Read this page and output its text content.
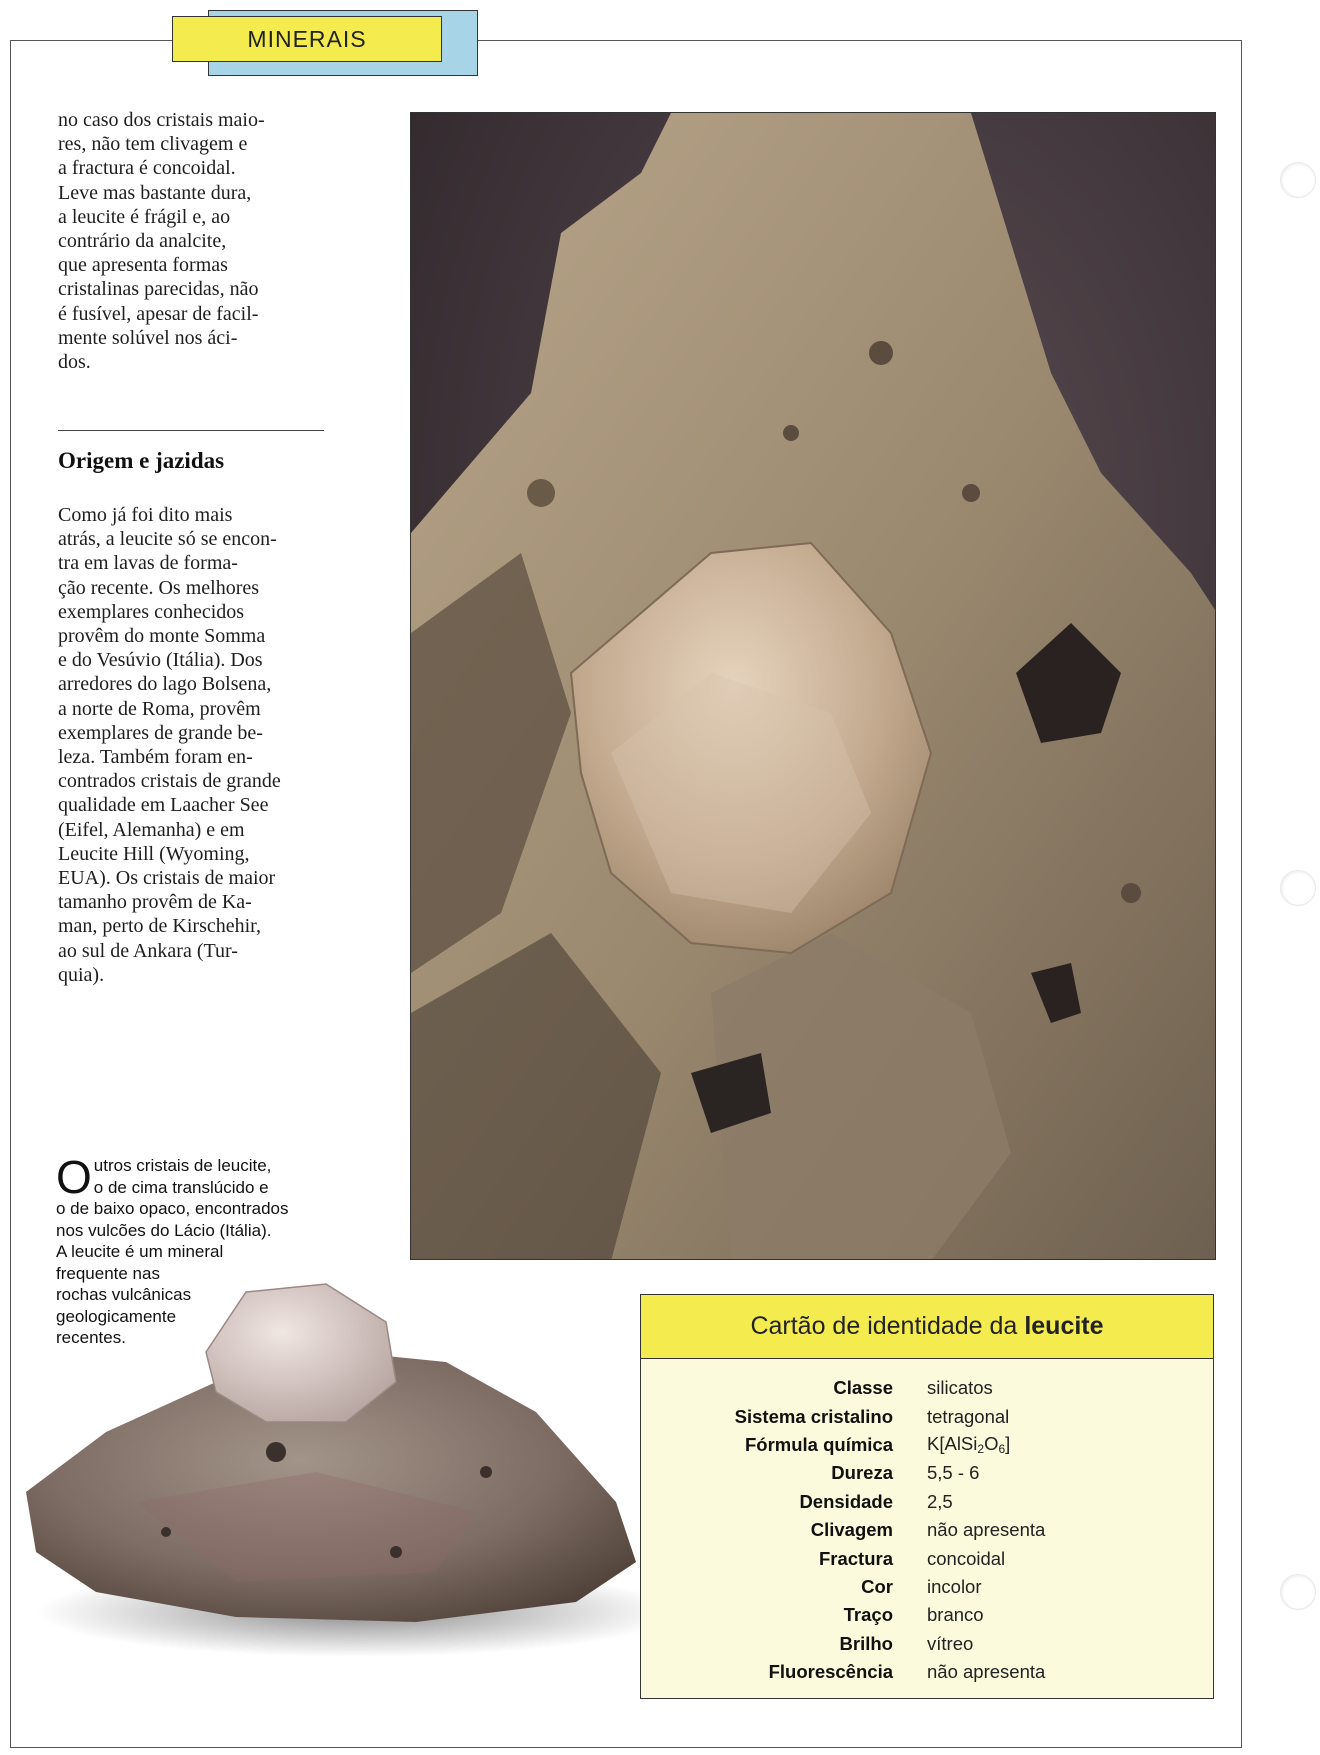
MINERAIS

no caso dos cristais maio-

res, não tem clivagem e

a fractura é concoidal.

Leve mas bastante dura,

a leucite é frágil e, ao

contrário da analcite,

que apresenta formas

cristalinas parecidas, não

é fusível, apesar de facil-

mente solúvel nos áci-

dos.

Origem e jazidas

Como já foi dito mais

atrás, a leucite só se encon-

tra em lavas de forma-

ção recente. Os melhores

exemplares conhecidos

provêm do monte Somma

e do Vesúvio (Itália). Dos

arredores do lago Bolsena,

a norte de Roma, provêm

exemplares de grande be-

leza. Também foram en-

contrados cristais de grande

qualidade em Laacher See

(Eifel, Alemanha) e em

Leucite Hill (Wyoming,

EUA). Os cristais de maior

tamanho provêm de Ka-

man, perto de Kirschehir,

ao sul de Ankara (Tur-

quia).

O utros cristais de leucite,
o de cima translúcido e
o de baixo opaco, encontrados
nos vulcões do Lácio (Itália).
A leucite é um mineral
frequente nas
rochas vulcânicas
geologicamente
recentes.	Cartão de identidade da leucite
Classe silicatos
Sistema cristalino tetragonal
Fórmula química $K[AlSi_2O_6]$
Dureza 5,5 - 6
Densidade 2,5
Clivagem não apresenta
Fractura concoidal
Cor incolor
Traço branco
Brilho vítreo
Fluorescência não apresenta
